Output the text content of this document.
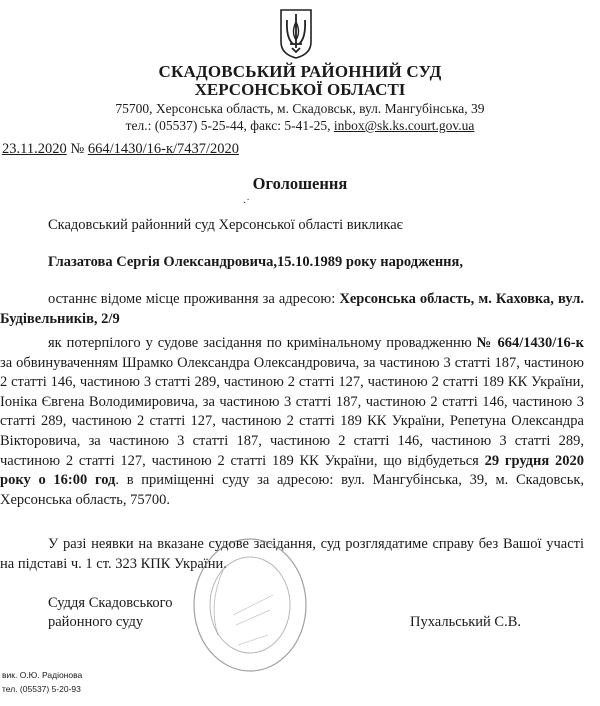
СКАДОВСЬКИЙ РАЙОННИЙ СУД
ХЕРСОНСЬКОЇ ОБЛАСТІ
75700, Херсонська область, м. Скадовськ, вул. Мангубінська, 39
тел.: (05537) 5-25-44, факс: 5-41-25, inbox@sk.ks.court.gov.ua
23.11.2020 № 664/1430/16-к/7437/2020
Оголошення
·˙
Скадовський районний суд Херсонської області викликає
Глазатова Сергія Олександровича,15.10.1989 року народження,
останнє відоме місце проживання за адресою: Херсонська область, м. Каховка, вул. Будівельників, 2/9
як потерпілого у судове засідання по кримінальному провадженню № 664/1430/16-к за обвинуваченням Шрамко Олександра Олександровича, за частиною 3 статті 187, частиною 2 статті 146, частиною 3 статті 289, частиною 2 статті 127, частиною 2 статті 189 КК України, Іоніка Євгена Володимировича, за частиною 3 статті 187, частиною 2 статті 146, частиною 3 статті 289, частиною 2 статті 127, частиною 2 статті 189 КК України, Репетуна Олександра Вікторовича, за частиною 3 статті 187, частиною 2 статті 146, частиною 3 статті 289, частиною 2 статті 127, частиною 2 статті 189 КК України, що відбудеться 29 грудня 2020 року о 16:00 год. в приміщенні суду за адресою: вул. Мангубінська, 39, м. Скадовськ, Херсонська область, 75700.
У разі неявки на вказане судове засідання, суд розглядатиме справу без Вашої участі на підставі ч. 1 ст. 323 КПК України.
Суддя Скадовського
районного суду	Пухальський С.В.
вик. О.Ю. Радіонова
тел. (05537) 5-20-93
